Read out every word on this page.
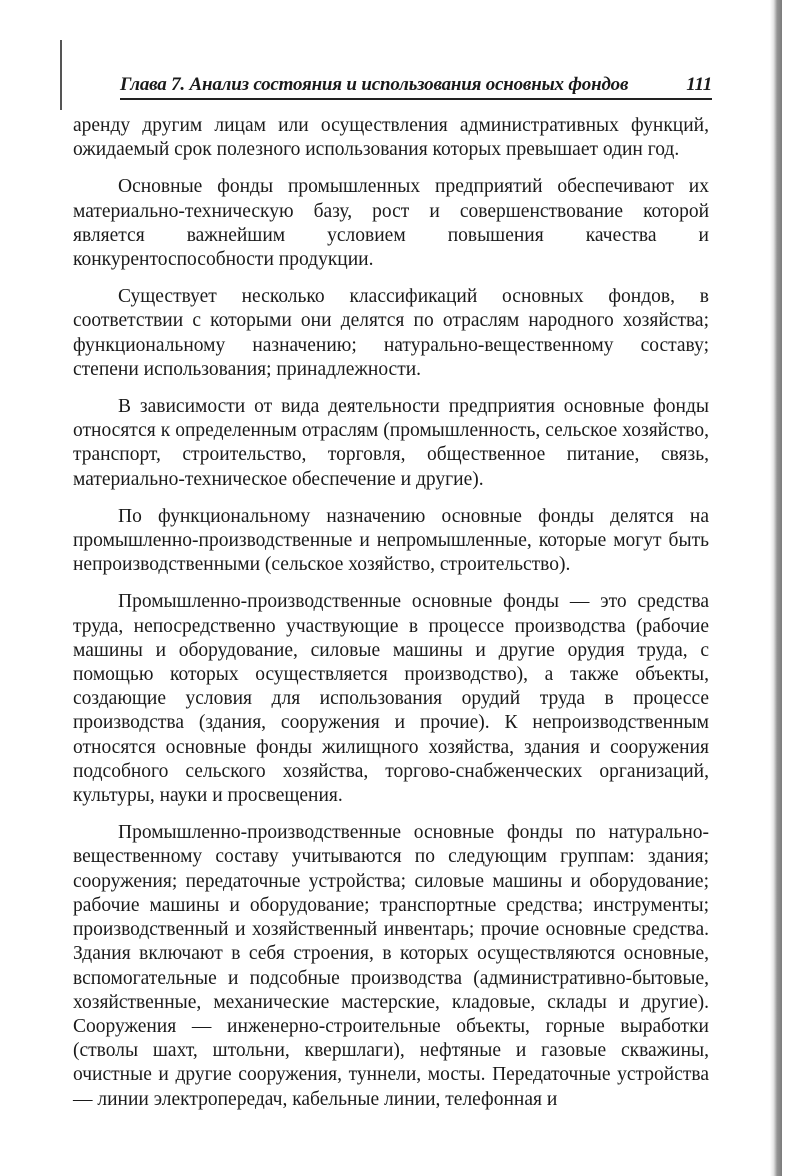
Глава 7. Анализ состояния и использования основных фондов	111

аренду другим лицам или осуществления административных функций, ожидаемый срок полезного использования которых превышает один год.

Основные фонды промышленных предприятий обеспечивают их материально-техническую базу, рост и совершенствование которой является важнейшим условием повышения качества и конкурентоспособности продукции.

Существует несколько классификаций основных фондов, в соответствии с которыми они делятся по отраслям народного хозяйства; функциональному назначению; натурально-вещественному составу; степени использования; принадлежности.

В зависимости от вида деятельности предприятия основные фонды относятся к определенным отраслям (промышленность, сельское хозяйство, транспорт, строительство, торговля, общественное питание, связь, материально-техническое обеспечение и другие).

По функциональному назначению основные фонды делятся на промышленно-производственные и непромышленные, которые могут быть непроизводственными (сельское хозяйство, строительство).

Промышленно-производственные основные фонды — это средства труда, непосредственно участвующие в процессе производства (рабочие машины и оборудование, силовые машины и другие орудия труда, с помощью которых осуществляется производство), а также объекты, создающие условия для использования орудий труда в процессе производства (здания, сооружения и прочие). К непроизводственным относятся основные фонды жилищного хозяйства, здания и сооружения подсобного сельского хозяйства, торгово-снабженческих организаций, культуры, науки и просвещения.

Промышленно-производственные основные фонды по натурально-вещественному составу учитываются по следующим группам: здания; сооружения; передаточные устройства; силовые машины и оборудование; рабочие машины и оборудование; транспортные средства; инструменты; производственный и хозяйственный инвентарь; прочие основные средства. Здания включают в себя строения, в которых осуществляются основные, вспомогательные и подсобные производства (административно-бытовые, хозяйственные, механические мастерские, кладовые, склады и другие). Сооружения — инженерно-строительные объекты, горные выработки (стволы шахт, штольни, квершлаги), нефтяные и газовые скважины, очистные и другие сооружения, туннели, мосты. Передаточные устройства — линии электропередач, кабельные линии, телефонная и
